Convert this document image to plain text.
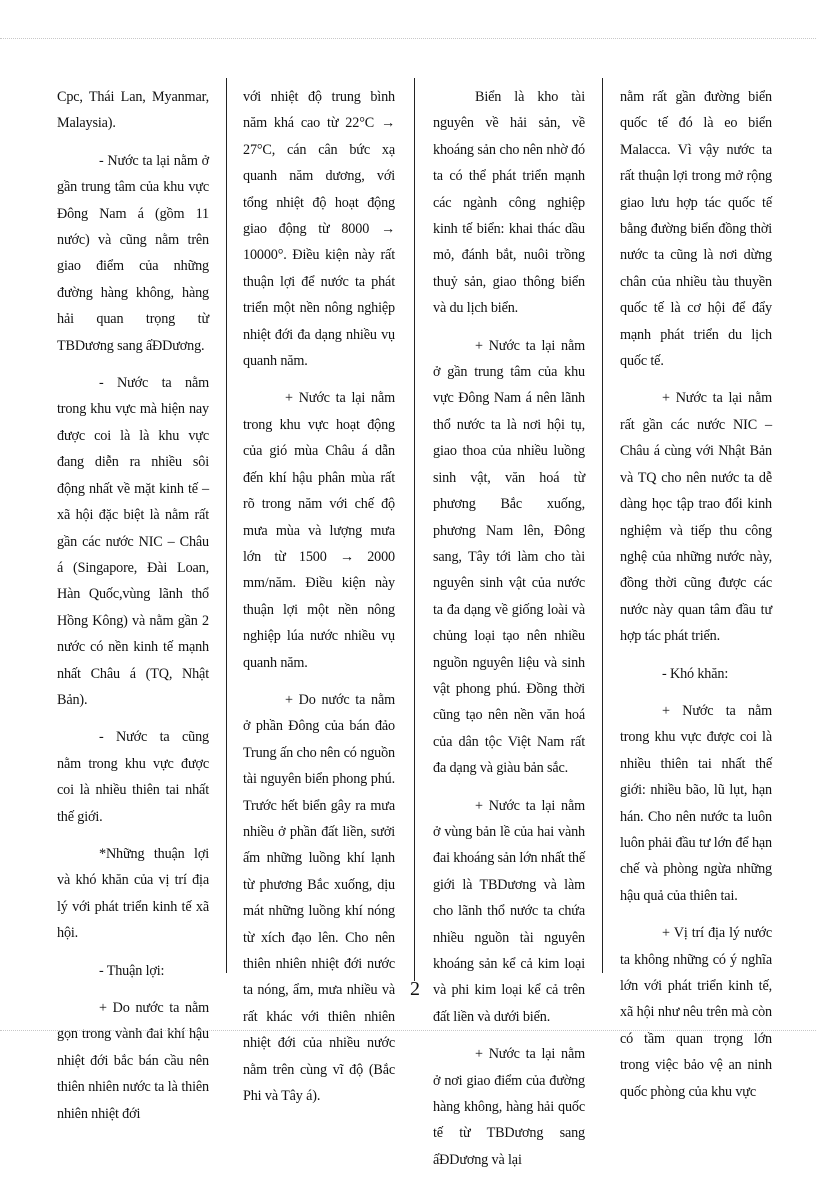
Cpc, Thái Lan, Myanmar, Malaysia).

- Nước ta lại nằm ở gần trung tâm của khu vực Đông Nam á (gồm 11 nước) và cũng nằm trên giao điểm của những đường hàng không, hàng hải quan trọng từ TBDương sang ấĐDương.

- Nước ta nằm trong khu vực mà hiện nay được coi là là khu vực đang diễn ra nhiều sôi động nhất về mặt kinh tế – xã hội đặc biệt là nằm rất gần các nước NIC – Châu á (Singapore, Đài Loan, Hàn Quốc,vùng lãnh thổ Hồng Kông) và nằm gần 2 nước có nền kinh tế mạnh nhất Châu á (TQ, Nhật Bản).

- Nước ta cũng nằm trong khu vực được coi là nhiều thiên tai nhất thế giới.

*Những thuận lợi và khó khăn của vị trí địa lý với phát triển kinh tế xã hội.

- Thuận lợi:

+ Do nước ta nằm gọn trong vành đai khí hậu nhiệt đới bắc bán cầu nên thiên nhiên nước ta là thiên nhiên nhiệt đới

với nhiệt độ trung bình năm khá cao từ 22°C → 27°C, cán cân bức xạ quanh năm dương, với tổng nhiệt độ hoạt động giao động từ 8000 → 10000°. Điều kiện này rất thuận lợi để nước ta phát triển một nền nông nghiệp nhiệt đới đa dạng nhiều vụ quanh năm.

+ Nước ta lại nằm trong khu vực hoạt động của gió mùa Châu á dẫn đến khí hậu phân mùa rất rõ trong năm với chế độ mưa mùa và lượng mưa lớn từ 1500 → 2000 mm/năm. Điều kiện này thuận lợi một nền nông nghiệp lúa nước nhiều vụ quanh năm.

+ Do nước ta nằm ở phần Đông của bán đảo Trung ấn cho nên có nguồn tài nguyên biển phong phú. Trước hết biển gây ra mưa nhiều ở phần đất liền, sưởi ấm những luồng khí lạnh từ phương Bắc xuống, dịu mát những luồng khí nóng từ xích đạo lên. Cho nên thiên nhiên nhiệt đới nước ta nóng, ẩm, mưa nhiều và rất khác với thiên nhiên nhiệt đới của nhiều nước nằm trên cùng vĩ độ (Bắc Phi và Tây á).

Biển là kho tài nguyên về hải sản, về khoáng sản cho nên nhờ đó ta có thể phát triển mạnh các ngành công nghiệp kinh tế biển: khai thác dầu mỏ, đánh bắt, nuôi trồng thuỷ sản, giao thông biển và du lịch biển.

+ Nước ta lại nằm ở gần trung tâm của khu vực Đông Nam á nên lãnh thổ nước ta là nơi hội tụ, giao thoa của nhiều luồng sinh vật, văn hoá từ phương Bắc xuống, phương Nam lên, Đông sang, Tây tới làm cho tài nguyên sinh vật của nước ta đa dạng về giống loài và chủng loại tạo nên nhiều nguồn nguyên liệu và sinh vật phong phú. Đồng thời cũng tạo nên nền văn hoá của dân tộc Việt Nam rất đa dạng và giàu bản sắc.

+ Nước ta lại nằm ở vùng bản lề của hai vành đai khoáng sản lớn nhất thế giới là TBDương và làm cho lãnh thổ nước ta chứa nhiều nguồn tài nguyên khoáng sản kể cả kim loại và phi kim loại kể cả trên đất liền và dưới biển.

+ Nước ta lại nằm ở nơi giao điểm của đường hàng không, hàng hải quốc tế từ TBDương sang ấĐDương và lại

nằm rất gần đường biển quốc tế đó là eo biển Malacca. Vì vậy nước ta rất thuận lợi trong mở rộng giao lưu hợp tác quốc tế bằng đường biển đồng thời nước ta cũng là nơi dừng chân của nhiều tàu thuyền quốc tế là cơ hội để đẩy mạnh phát triển du lịch quốc tế.

+ Nước ta lại nằm rất gần các nước NIC – Châu á cùng với Nhật Bản và TQ cho nên nước ta dễ dàng học tập trao đổi kinh nghiệm và tiếp thu công nghệ của những nước này, đồng thời cũng được các nước này quan tâm đầu tư hợp tác phát triển.

- Khó khăn:

+ Nước ta nằm trong khu vực được coi là nhiều thiên tai nhất thế giới: nhiều bão, lũ lụt, hạn hán. Cho nên nước ta luôn luôn phải đầu tư lớn để hạn chế và phòng ngừa những hậu quả của thiên tai.

+ Vị trí địa lý nước ta không những có ý nghĩa lớn với phát triển kinh tế, xã hội như nêu trên mà còn có tầm quan trọng lớn trong việc bảo vệ an ninh quốc phòng của khu vực

2
